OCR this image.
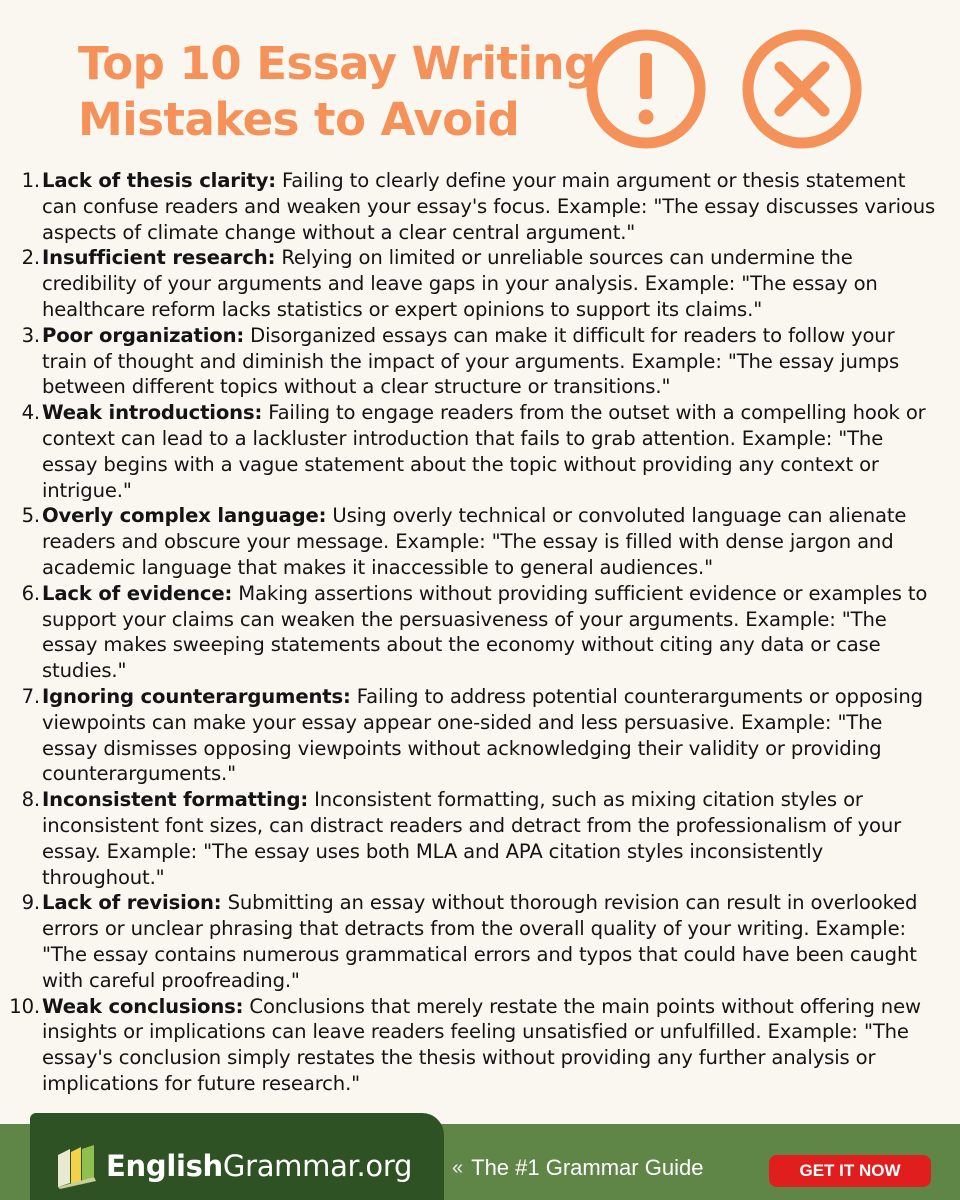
Top 10 Essay Writing
Mistakes to Avoid
1. Lack of thesis clarity: Failing to clearly define your main argument or thesis statement can confuse readers and weaken your essay's focus. Example: "The essay discusses various aspects of climate change without a clear central argument."
2. Insufficient research: Relying on limited or unreliable sources can undermine the credibility of your arguments and leave gaps in your analysis. Example: "The essay on healthcare reform lacks statistics or expert opinions to support its claims."
3. Poor organization: Disorganized essays can make it difficult for readers to follow your train of thought and diminish the impact of your arguments. Example: "The essay jumps between different topics without a clear structure or transitions."
4. Weak introductions: Failing to engage readers from the outset with a compelling hook or context can lead to a lackluster introduction that fails to grab attention. Example: "The essay begins with a vague statement about the topic without providing any context or intrigue."
5. Overly complex language: Using overly technical or convoluted language can alienate readers and obscure your message. Example: "The essay is filled with dense jargon and academic language that makes it inaccessible to general audiences."
6. Lack of evidence: Making assertions without providing sufficient evidence or examples to support your claims can weaken the persuasiveness of your arguments. Example: "The essay makes sweeping statements about the economy without citing any data or case studies."
7. Ignoring counterarguments: Failing to address potential counterarguments or opposing viewpoints can make your essay appear one-sided and less persuasive. Example: "The essay dismisses opposing viewpoints without acknowledging their validity or providing counterarguments."
8. Inconsistent formatting: Inconsistent formatting, such as mixing citation styles or inconsistent font sizes, can distract readers and detract from the professionalism of your essay. Example: "The essay uses both MLA and APA citation styles inconsistently throughout."
9. Lack of revision: Submitting an essay without thorough revision can result in overlooked errors or unclear phrasing that detracts from the overall quality of your writing. Example: "The essay contains numerous grammatical errors and typos that could have been caught with careful proofreading."
10. Weak conclusions: Conclusions that merely restate the main points without offering new insights or implications can leave readers feeling unsatisfied or unfulfilled. Example: "The essay's conclusion simply restates the thesis without providing any further analysis or implications for future research."
EnglishGrammar.org « The #1 Grammar Guide	GET IT NOW
